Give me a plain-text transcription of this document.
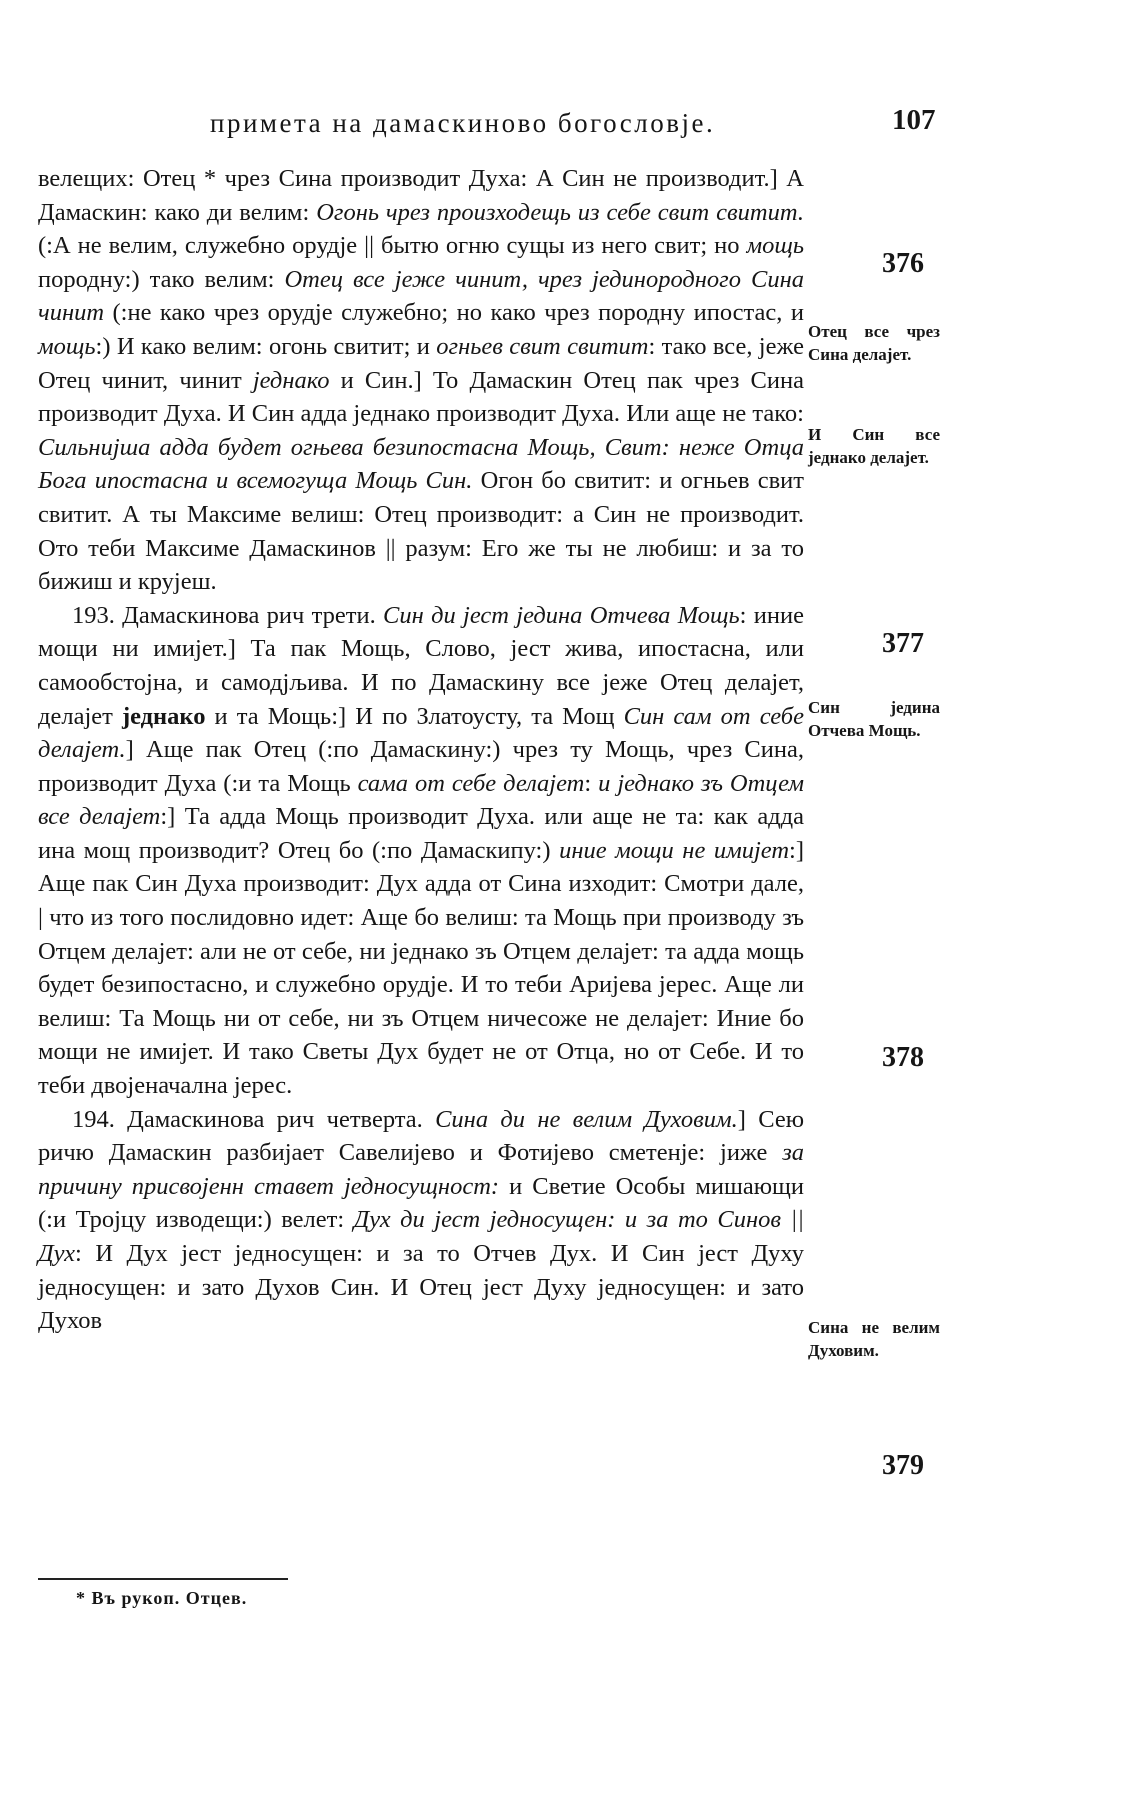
примета на дамаскиново богословје.	107

велещих: Отец * чрез Сина производит Духа: А Син не производит.] А Дамаскин: како ди велим: Огонь чрез произходещь из себе свит свитит. (:А не велим, служебно орудје || бытю огню сущы из него свит; но мощь породну:) тако велим: Отец все јеже чинит, чрез јединородного Сина чинит (:не како чрез орудје служебно; но како чрез породну ипостас, и мощь:) И како велим: огонь свитит; и огньев свит свитит: тако все, јеже Отец чинит, чинит једнако и Син.] То Дамаскин Отец пак чрез Сина производит Духа. И Син адда једнако производит Духа. Или аще не тако: Сильнијша адда будет огњева безипостасна Мощь, Свит: неже Отца Бога ипостасна и всемогуща Мощь Син. Огон бо свитит: и огньев свит свитит. А ты Максиме велиш: Отец производит: а Син не производит. Ото теби Максиме Дамаскинов || разум: Его же ты не любиш: и за то бижиш и крујеш.

193. Дамаскинова рич трети. Син ди јест једина Отчева Мощь: иние мощи ни имијет.] Та пак Мощь, Слово, јест жива, ипостасна, или самообстојна, и самодјљива. И по Дамаскину все јеже Отец делајет, делајет једнако и та Мощь:] И по Златоусту, та Мощ Син сам от себе делајет.] Аще пак Отец (:по Дамаскину:) чрез ту Мощь, чрез Сина, производит Духа (:и та Мощь сама от себе делајет: и једнако зъ Отцем все делајет:] Та адда Мощь производит Духа. или аще не та: как адда ина мощ производит? Отец бо (:по Дамаскипу:) иние мощи не имијет:] Аще пак Син Духа производит: Дух адда от Сина изходит: Смотри дале, | что из того послидовно идет: Аще бо велиш: та Мощь при производу зъ Отцем делајет: али не от себе, ни једнако зъ Отцем делајет: та адда мощь будет безипостасно, и служебно орудје. И то теби Аријева јерес. Аще ли велиш: Та Мощь ни от себе, ни зъ Отцем ничесоже не делајет: Иние бо мощи не имијет. И тако Светы Дух будет не от Отца, но от Себе. И то теби двојеначална јерес.

194. Дамаскинова рич четверта. Сина ди не велим Духовим.] Сею ричю Дамаскин разбијает Савелијево и Фотијево сметенје: јиже за причину присвојенн ставет једносущност: и Светие Особы мишающи (:и Тројцу изводещи:) велет: Дух ди јест једносущен: и за то Синов || Дух: И Дух јест једносущен: и за то Отчев Дух. И Син јест Духу једносущен: и зато Духов Син. И Отец јест Духу једносущен: и зато Духов

376
377
378
379
Отец все чрез Сина делајет.
И Син все једнако делајет.
Син једина Отчева Мощь.
Сина не велим Духовим.
* Въ рукоп. Отцев.
